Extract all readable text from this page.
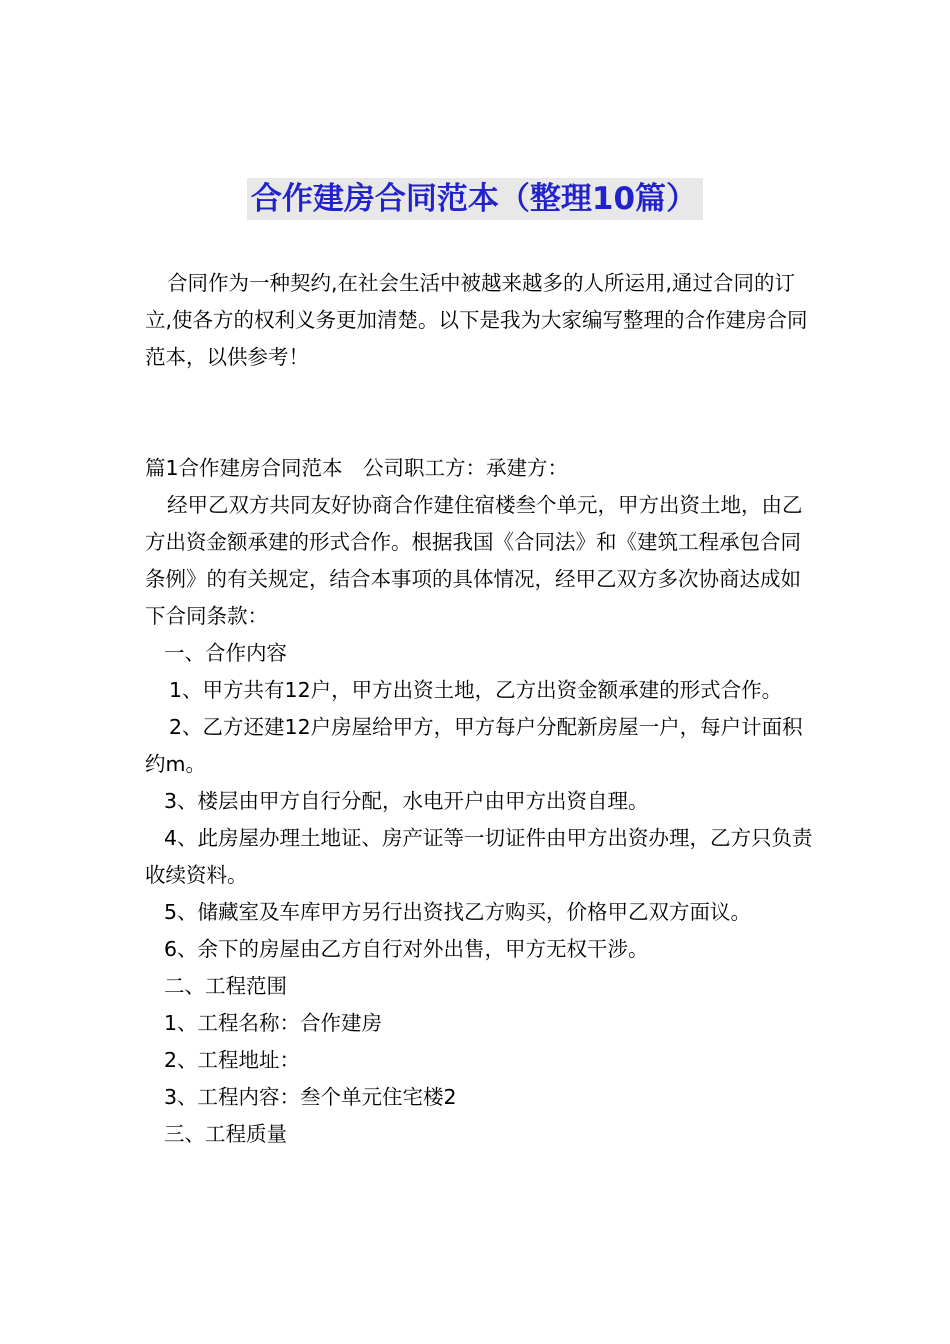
合作建房合同范本（整理10篇）

合同作为一种契约,在社会生活中被越来越多的人所运用,通过合同的订立,使各方的权利义务更加清楚。以下是我为大家编写整理的合作建房合同范本，以供参考！

篇1合作建房合同范本　公司职工方：承建方：

经甲乙双方共同友好协商合作建住宿楼叁个单元，甲方出资土地，由乙方出资金额承建的形式合作。根据我国《合同法》和《建筑工程承包合同条例》的有关规定，结合本事项的具体情况，经甲乙双方多次协商达成如下合同条款：

一、合作内容

1、甲方共有12户，甲方出资土地，乙方出资金额承建的形式合作。

2、乙方还建12户房屋给甲方，甲方每户分配新房屋一户，每户计面积约m。

3、楼层由甲方自行分配，水电开户由甲方出资自理。

4、此房屋办理土地证、房产证等一切证件由甲方出资办理，乙方只负责收续资料。

5、储藏室及车库甲方另行出资找乙方购买，价格甲乙双方面议。

6、余下的房屋由乙方自行对外出售，甲方无权干涉。

二、工程范围

1、工程名称：合作建房

2、工程地址：

3、工程内容：叁个单元住宅楼2

三、工程质量
